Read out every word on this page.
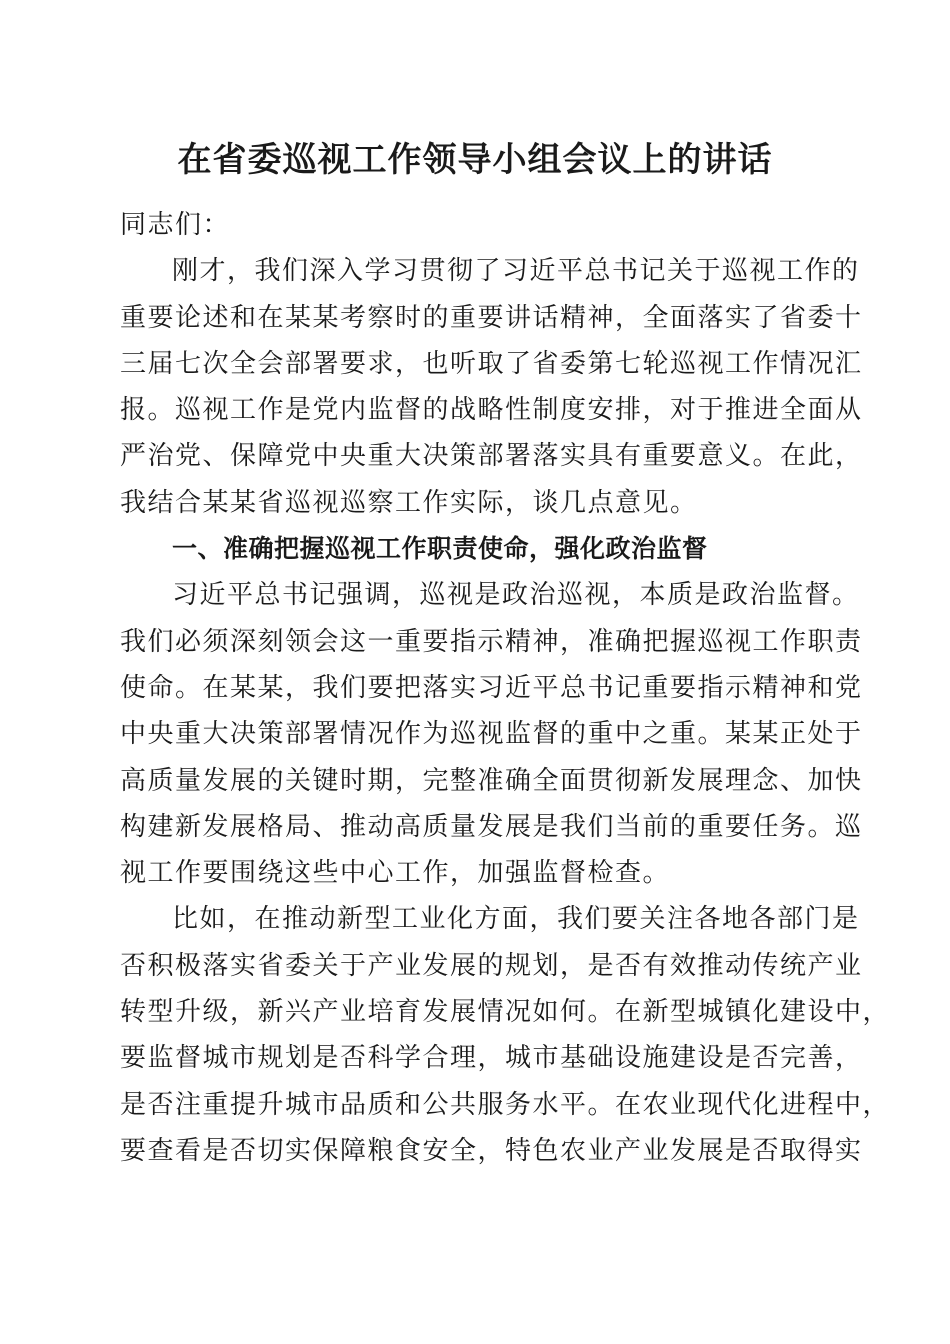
在省委巡视工作领导小组会议上的讲话
同志们：
刚才，我们深入学习贯彻了习近平总书记关于巡视工作的
重要论述和在某某考察时的重要讲话精神，全面落实了省委十
三届七次全会部署要求，也听取了省委第七轮巡视工作情况汇
报。巡视工作是党内监督的战略性制度安排，对于推进全面从
严治党、保障党中央重大决策部署落实具有重要意义。在此，
我结合某某省巡视巡察工作实际，谈几点意见。
一、准确把握巡视工作职责使命，强化政治监督
习近平总书记强调，巡视是政治巡视，本质是政治监督。
我们必须深刻领会这一重要指示精神，准确把握巡视工作职责
使命。在某某，我们要把落实习近平总书记重要指示精神和党
中央重大决策部署情况作为巡视监督的重中之重。某某正处于
高质量发展的关键时期，完整准确全面贯彻新发展理念、加快
构建新发展格局、推动高质量发展是我们当前的重要任务。巡
视工作要围绕这些中心工作，加强监督检查。
比如，在推动新型工业化方面，我们要关注各地各部门是
否积极落实省委关于产业发展的规划，是否有效推动传统产业
转型升级，新兴产业培育发展情况如何。在新型城镇化建设中，
要监督城市规划是否科学合理，城市基础设施建设是否完善，
是否注重提升城市品质和公共服务水平。在农业现代化进程中，
要查看是否切实保障粮食安全，特色农业产业发展是否取得实
